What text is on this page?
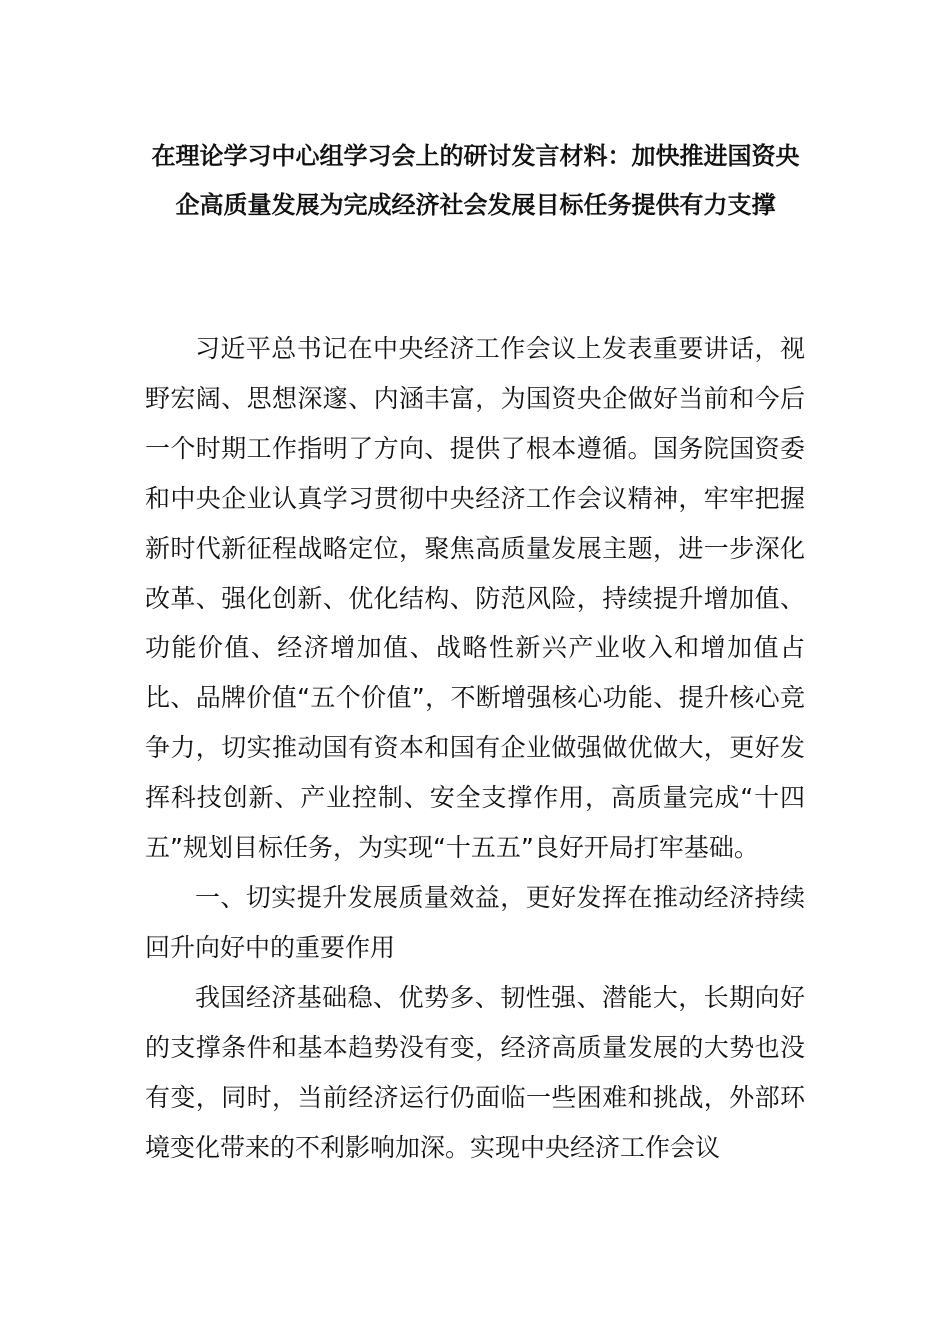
在理论学习中心组学习会上的研讨发言材料：加快推进国资央企高质量发展为完成经济社会发展目标任务提供有力支撑

习近平总书记在中央经济工作会议上发表重要讲话，视野宏阔、思想深邃、内涵丰富，为国资央企做好当前和今后一个时期工作指明了方向、提供了根本遵循。国务院国资委和中央企业认真学习贯彻中央经济工作会议精神，牢牢把握新时代新征程战略定位，聚焦高质量发展主题，进一步深化改革、强化创新、优化结构、防范风险，持续提升增加值、功能价值、经济增加值、战略性新兴产业收入和增加值占比、品牌价值“五个价值”，不断增强核心功能、提升核心竞争力，切实推动国有资本和国有企业做强做优做大，更好发挥科技创新、产业控制、安全支撑作用，高质量完成“十四五”规划目标任务，为实现“十五五”良好开局打牢基础。

一、切实提升发展质量效益，更好发挥在推动经济持续回升向好中的重要作用

我国经济基础稳、优势多、韧性强、潜能大，长期向好的支撑条件和基本趋势没有变，经济高质量发展的大势也没有变，同时，当前经济运行仍面临一些困难和挑战，外部环境变化带来的不利影响加深。实现中央经济工作会议
